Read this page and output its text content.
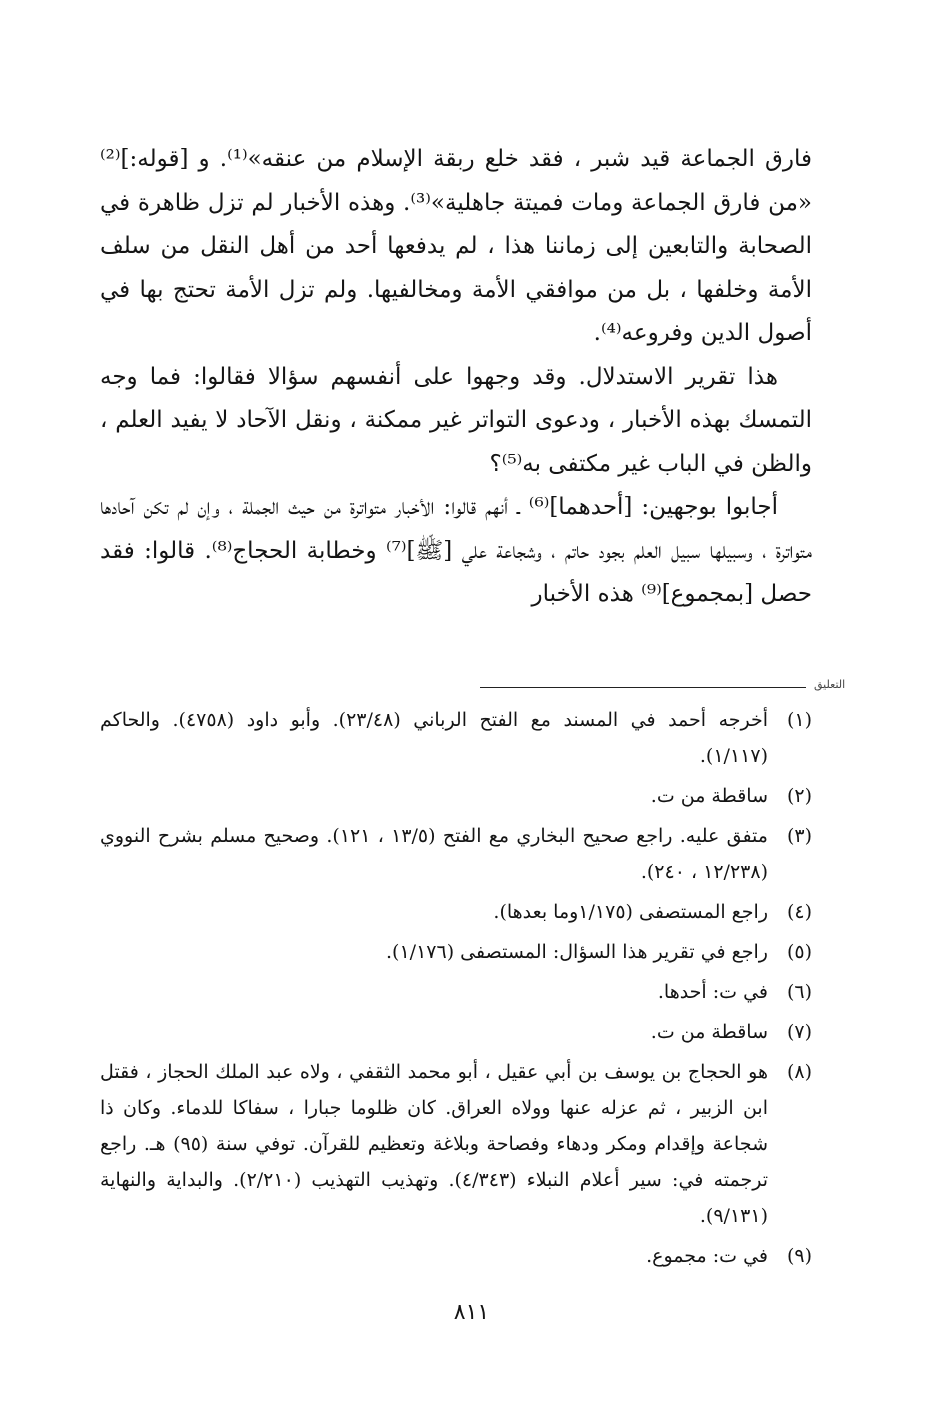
فارق الجماعة قيد شبر ، فقد خلع ربقة الإسلام من عنقه»⁽¹⁾. و [قوله:]⁽²⁾ «من فارق الجماعة ومات فميتة جاهلية»⁽³⁾. وهذه الأخبار لم تزل ظاهرة في الصحابة والتابعين إلى زماننا هذا ، لم يدفعها أحد من أهل النقل من سلف الأمة وخلفها ، بل من موافقي الأمة ومخالفيها. ولم تزل الأمة تحتج بها في أصول الدين وفروعه⁽⁴⁾.

هذا تقرير الاستدلال. وقد وجهوا على أنفسهم سؤالا فقالوا: فما وجه التمسك بهذه الأخبار ، ودعوى التواتر غير ممكنة ، ونقل الآحاد لا يفيد العلم ، والظن في الباب غير مكتفى به⁽⁵⁾؟

أجابوا بوجهين: [أحدهما]⁽⁶⁾ ـ أنهم قالوا: الأخبار متواترة من حيث الجملة ، وإن لم تكن آحادها متواترة ، وسبيلها سبيل العلم بجود حاتم ، وشجاعة علي [ﷺ]⁽⁷⁾ وخطابة الحجاج⁽⁸⁾. قالوا: فقد حصل [بمجموع]⁽⁹⁾ هذه الأخبار

التعليق
(١)
أخرجه أحمد في المسند مع الفتح الرباني (٢٣/٤٨). وأبو داود (٤٧٥٨). والحاكم (١/١١٧).
(٢)
ساقطة من ت.
(٣)
متفق عليه. راجع صحيح البخاري مع الفتح (١٣/٥ ، ١٢١). وصحيح مسلم بشرح النووي (١٢/٢٣٨ ، ٢٤٠).
(٤)
راجع المستصفى (١/١٧٥وما بعدها).
(٥)
راجع في تقرير هذا السؤال: المستصفى (١/١٧٦).
(٦)
في ت: أحدها.
(٧)
ساقطة من ت.
(٨)
هو الحجاج بن يوسف بن أبي عقيل ، أبو محمد الثقفي ، ولاه عبد الملك الحجاز ، فقتل ابن الزبير ، ثم عزله عنها وولاه العراق. كان ظلوما جبارا ، سفاكا للدماء. وكان ذا شجاعة وإقدام ومكر ودهاء وفصاحة وبلاغة وتعظيم للقرآن. توفي سنة (٩٥) هـ. راجع ترجمته في: سير أعلام النبلاء (٤/٣٤٣). وتهذيب التهذيب (٢/٢١٠). والبداية والنهاية (٩/١٣١).
(٩)
في ت: مجموع.
٨١١
